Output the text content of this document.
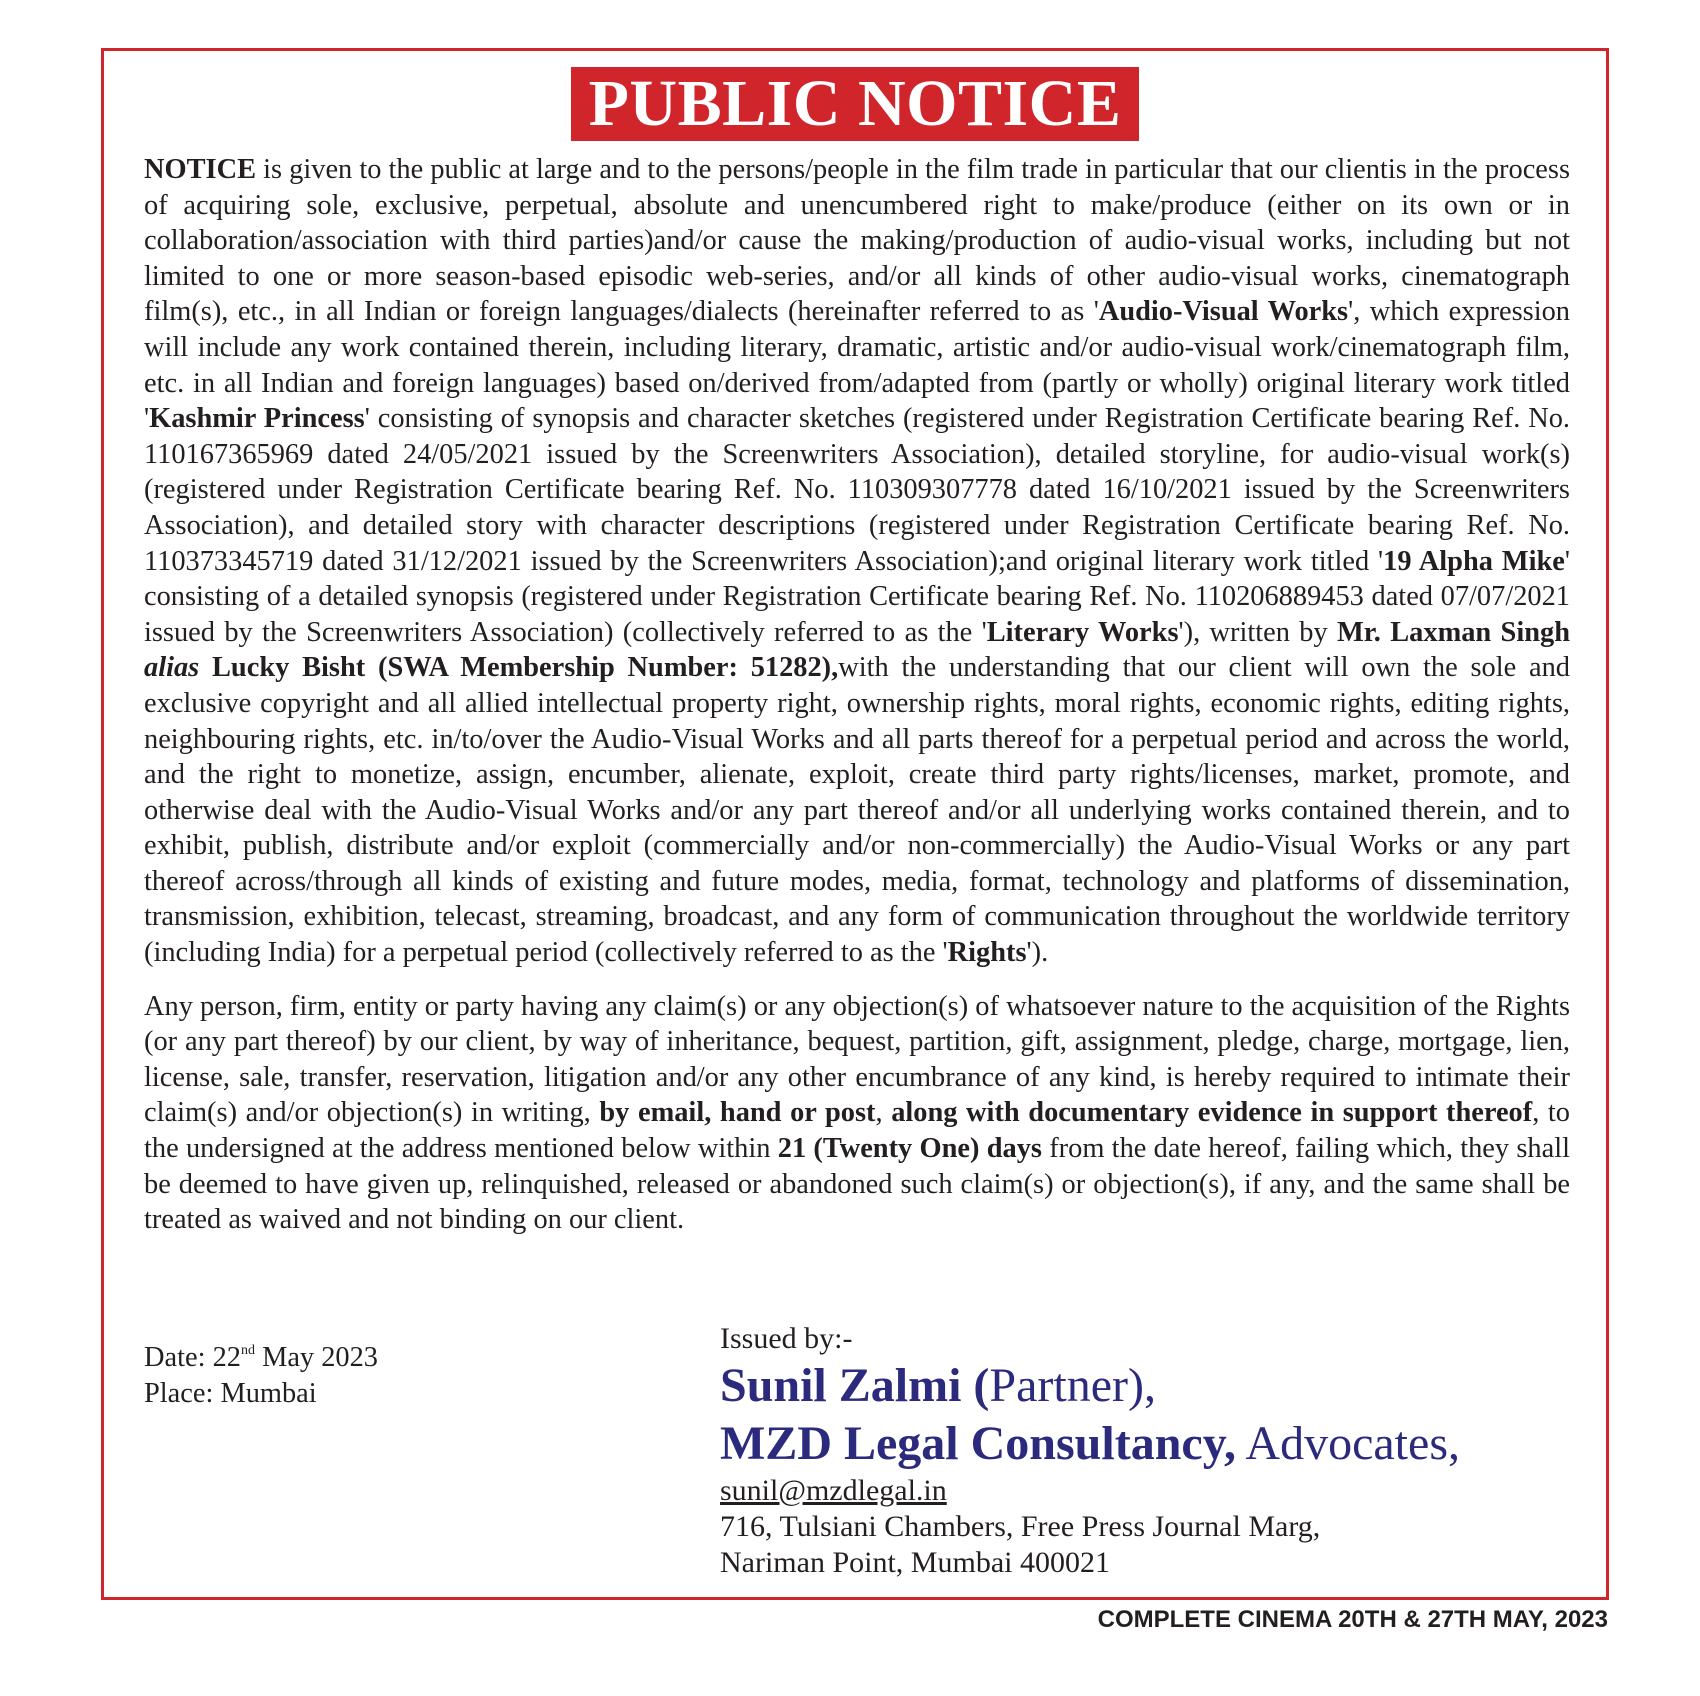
PUBLIC NOTICE

NOTICE is given to the public at large and to the persons/people in the film trade in particular that our clientis in the process of acquiring sole, exclusive, perpetual, absolute and unencumbered right to make/produce (either on its own or in collaboration/association with third parties)and/or cause the making/production of audio-visual works, including but not limited to one or more season-based episodic web-series, and/or all kinds of other audio-visual works, cinematograph film(s), etc., in all Indian or foreign languages/dialects (hereinafter referred to as 'Audio-Visual Works', which expression will include any work contained therein, including literary, dramatic, artistic and/or audio-visual work/cinematograph film, etc. in all Indian and foreign languages) based on/derived from/adapted from (partly or wholly) original literary work titled 'Kashmir Princess' consisting of synopsis and character sketches (registered under Registration Certificate bearing Ref. No. 110167365969 dated 24/05/2021 issued by the Screenwriters Association), detailed storyline, for audio-visual work(s) (registered under Registration Certificate bearing Ref. No. 110309307778 dated 16/10/2021 issued by the Screenwriters Association), and detailed story with character descriptions (registered under Registration Certificate bearing Ref. No. 110373345719 dated 31/12/2021 issued by the Screenwriters Association);and original literary work titled '19 Alpha Mike' consisting of a detailed synopsis (registered under Registration Certificate bearing Ref. No. 110206889453 dated 07/07/2021 issued by the Screenwriters Association) (collectively referred to as the 'Literary Works'), written by Mr. Laxman Singh alias Lucky Bisht (SWA Membership Number: 51282),with the understanding that our client will own the sole and exclusive copyright and all allied intellectual property right, ownership rights, moral rights, economic rights, editing rights, neighbouring rights, etc. in/to/over the Audio-Visual Works and all parts thereof for a perpetual period and across the world, and the right to monetize, assign, encumber, alienate, exploit, create third party rights/licenses, market, promote, and otherwise deal with the Audio-Visual Works and/or any part thereof and/or all underlying works contained therein, and to exhibit, publish, distribute and/or exploit (commercially and/or non-commercially) the Audio-Visual Works or any part thereof across/through all kinds of existing and future modes, media, format, technology and platforms of dissemination, transmission, exhibition, telecast, streaming, broadcast, and any form of communication throughout the worldwide territory (including India) for a perpetual period (collectively referred to as the 'Rights').

Any person, firm, entity or party having any claim(s) or any objection(s) of whatsoever nature to the acquisition of the Rights (or any part thereof) by our client, by way of inheritance, bequest, partition, gift, assignment, pledge, charge, mortgage, lien, license, sale, transfer, reservation, litigation and/or any other encumbrance of any kind, is hereby required to intimate their claim(s) and/or objection(s) in writing, by email, hand or post, along with documentary evidence in support thereof, to the undersigned at the address mentioned below within 21 (Twenty One) days from the date hereof, failing which, they shall be deemed to have given up, relinquished, released or abandoned such claim(s) or objection(s), if any, and the same shall be treated as waived and not binding on our client.

Date: 22nd May 2023
Place: Mumbai
Issued by:-
Sunil Zalmi (Partner),
MZD Legal Consultancy, Advocates,
sunil@mzdlegal.in
716, Tulsiani Chambers, Free Press Journal Marg,
Nariman Point, Mumbai 400021
COMPLETE CINEMA 20TH & 27TH MAY, 2023
